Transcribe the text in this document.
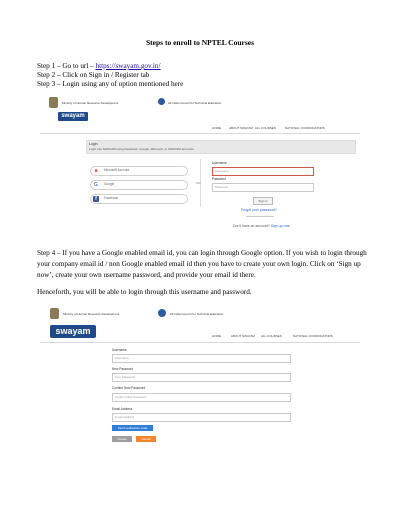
Steps to enroll to NPTEL Courses
Step 1 – Go to url – https://swayam.gov.in/
Step 2 – Click on Sign in / Register tab
Step 3 – Login using any of option mentioned here
Ministry of Human Resource Development	All India Council for Technical Education
swayam
HOME	ABOUT SWAYAM ALL COURSES	NATIONAL COORDINATORS
Login
Login into SWAYAM using Facebook, Google, Microsoft, or SWAYAM accounts.
■	Microsoft Account
G	Google
f	Facebook
OR
Username
Username
Password
Password
Sign in
Forgot your password?
Don't have an account? Sign up now
Step 4 – If you have a Google enabled email id, you can login through Google option. If you wish to login through your company email id / non Google enabled email id then you have to create your own login. Click on ‘Sign up now’, create your own username password, and provide your email id there.
Henceforth, you will be able to login through this username and password.
Ministry of Human Resource Development	All India Council for Technical Education
swayam	HOME	ABOUT SWAYAM ALL COURSES	NATIONAL COORDINATORS
Username
Username
New Password
New Password
Confirm New Password
Confirm New Password
Email Address
Email Address
Send verification code
Create	Cancel
